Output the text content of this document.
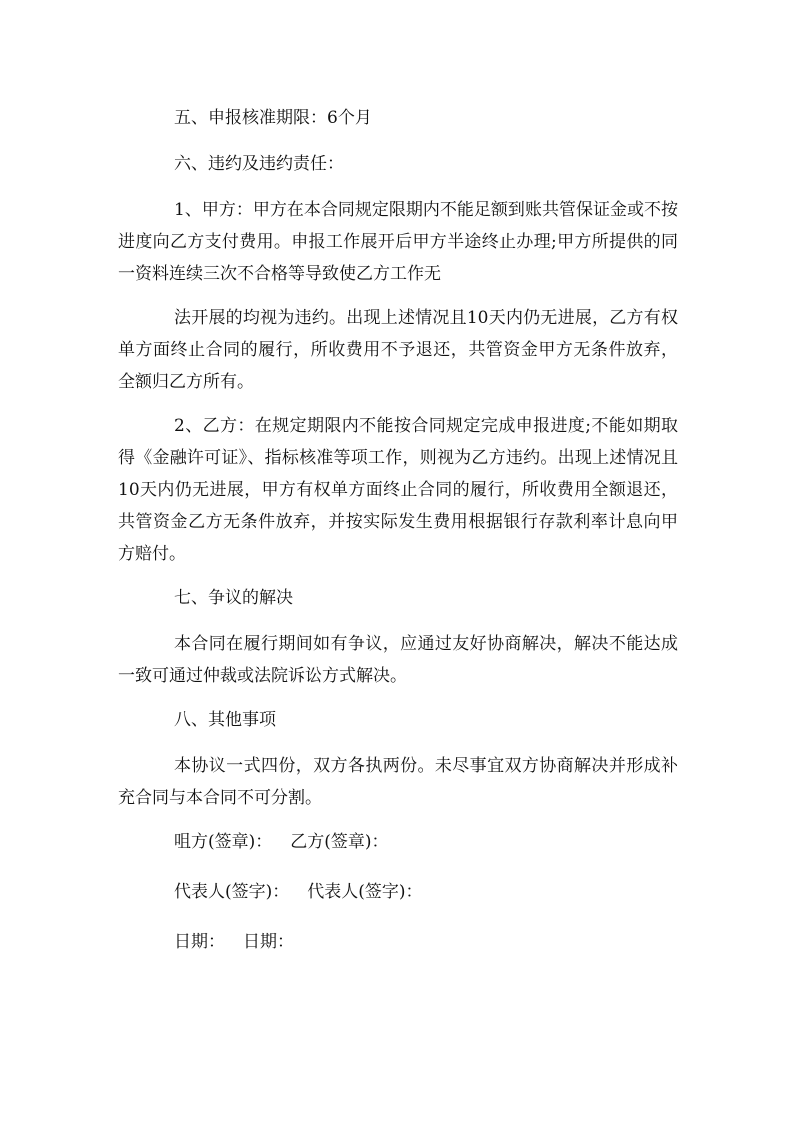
五、申报核准期限：6个月

六、违约及违约责任：

1、甲方：甲方在本合同规定限期内不能足额到账共管保证金或不按进度向乙方支付费用。申报工作展开后甲方半途终止办理;甲方所提供的同一资料连续三次不合格等导致使乙方工作无

法开展的均视为违约。出现上述情况且10天内仍无进展，乙方有权单方面终止合同的履行，所收费用不予退还，共管资金甲方无条件放弃，全额归乙方所有。

2、乙方：在规定期限内不能按合同规定完成申报进度;不能如期取得《金融许可证》、指标核准等项工作，则视为乙方违约。出现上述情况且10天内仍无进展，甲方有权单方面终止合同的履行，所收费用全额退还，共管资金乙方无条件放弃，并按实际发生费用根据银行存款利率计息向甲方赔付。

七、争议的解决

本合同在履行期间如有争议，应通过友好协商解决，解决不能达成一致可通过仲裁或法院诉讼方式解决。

八、其他事项

本协议一式四份，双方各执两份。未尽事宜双方协商解决并形成补充合同与本合同不可分割。

咀方(签章)： 乙方(签章)：
代表人(签字)： 代表人(签字)：
日期： 日期：
